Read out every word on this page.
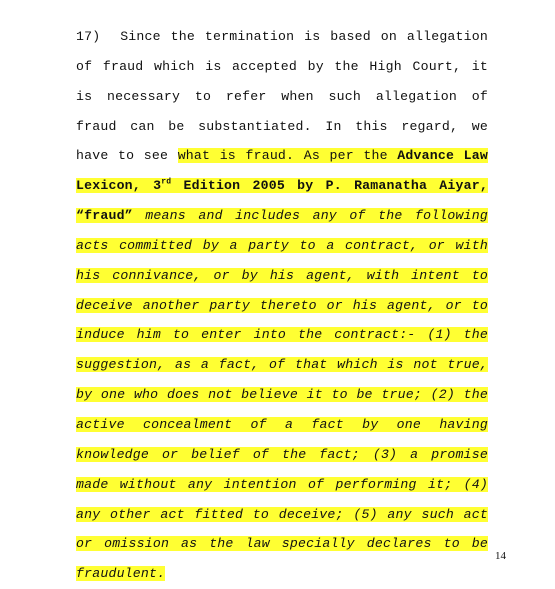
17) Since the termination is based on allegation of fraud which is accepted by the High Court, it is necessary to refer when such allegation of fraud can be substantiated. In this regard, we have to see what is fraud. As per the Advance Law Lexicon, 3rd Edition 2005 by P. Ramanatha Aiyar, “fraud” means and includes any of the following acts committed by a party to a contract, or with his connivance, or by his agent, with intent to deceive another party thereto or his agent, or to induce him to enter into the contract:- (1) the suggestion, as a fact, of that which is not true, by one who does not believe it to be true; (2) the active concealment of a fact by one having knowledge or belief of the fact; (3) a promise made without any intention of performing it; (4) any other act fitted to deceive; (5) any such act or omission as the law specially declares to be fraudulent.

14
